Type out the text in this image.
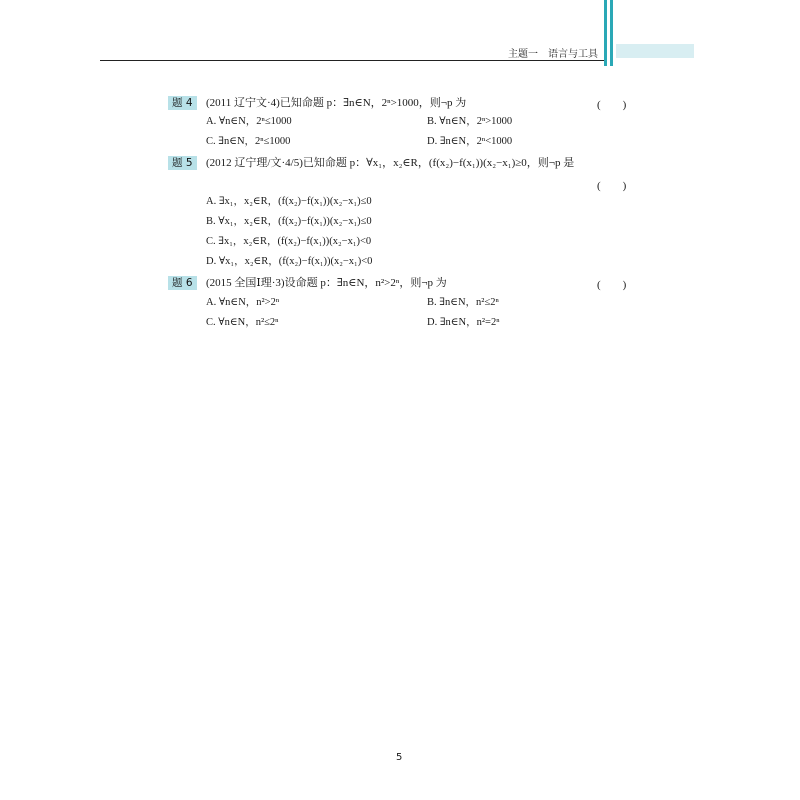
主题一 语言与工具
题 4	(2011 辽宁文·4)已知命题 p：∃n∈N，2ⁿ>1000，则¬p 为	(　　)
A. ∀n∈N，2ⁿ≤1000	B. ∀n∈N，2ⁿ>1000
C. ∃n∈N，2ⁿ≤1000	D. ∃n∈N，2ⁿ<1000
题 5	(2012 辽宁理/文·4/5)已知命题 p：∀x₁，x₂∈R，(f(x₂)−f(x₁))(x₂−x₁)≥0，则¬p 是
(　　)
A. ∃x₁，x₂∈R，(f(x₂)−f(x₁))(x₂−x₁)≤0
B. ∀x₁，x₂∈R，(f(x₂)−f(x₁))(x₂−x₁)≤0
C. ∃x₁，x₂∈R，(f(x₂)−f(x₁))(x₂−x₁)<0
D. ∀x₁，x₂∈R，(f(x₂)−f(x₁))(x₂−x₁)<0
题 6	(2015 全国Ⅰ理·3)设命题 p：∃n∈N，n²>2ⁿ，则¬p 为	(　　)
A. ∀n∈N，n²>2ⁿ	B. ∃n∈N，n²≤2ⁿ
C. ∀n∈N，n²≤2ⁿ	D. ∃n∈N，n²=2ⁿ
5
